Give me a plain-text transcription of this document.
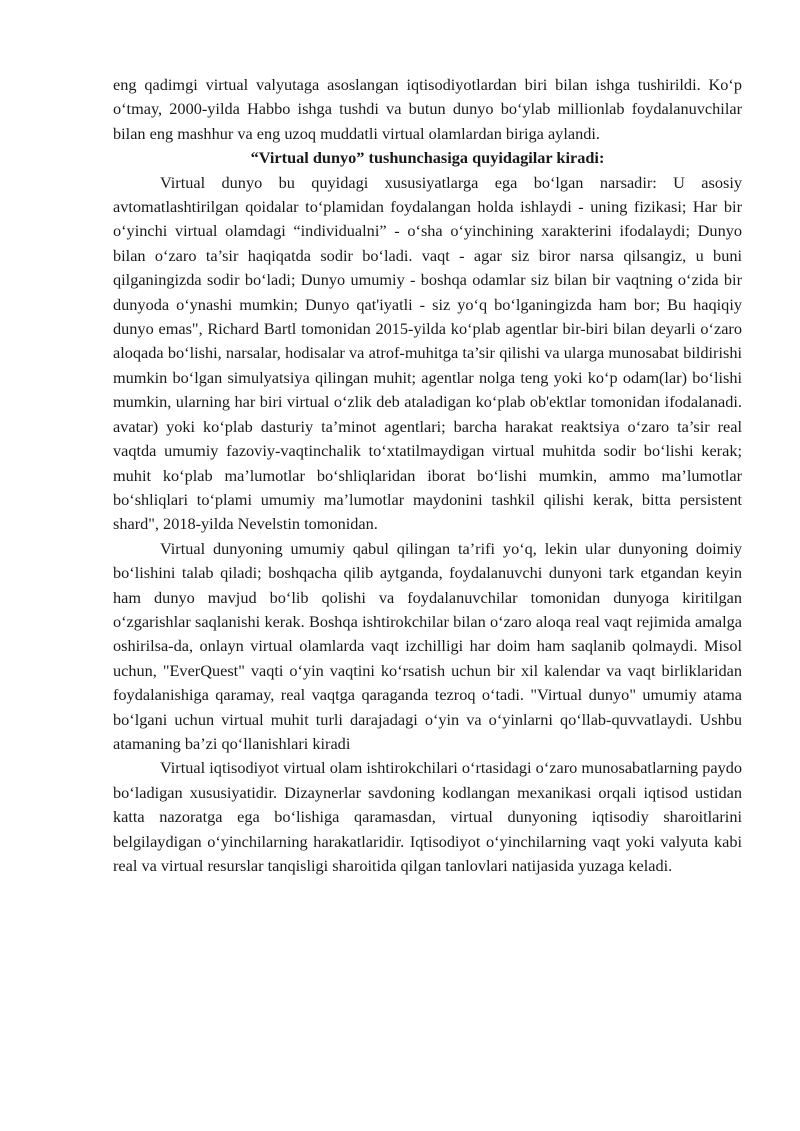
eng qadimgi virtual valyutaga asoslangan iqtisodiyotlardan biri bilan ishga tushirildi. Ko‘p o‘tmay, 2000-yilda Habbo ishga tushdi va butun dunyo bo‘ylab millionlab foydalanuvchilar bilan eng mashhur va eng uzoq muddatli virtual olamlardan biriga aylandi.

“Virtual dunyo” tushunchasiga quyidagilar kiradi:

Virtual dunyo bu quyidagi xususiyatlarga ega bo‘lgan narsadir: U asosiy avtomatlashtirilgan qoidalar to‘plamidan foydalangan holda ishlaydi - uning fizikasi; Har bir o‘yinchi virtual olamdagi “individualni” - o‘sha o‘yinchining xarakterini ifodalaydi; Dunyo bilan o‘zaro ta’sir haqiqatda sodir bo‘ladi. vaqt - agar siz biror narsa qilsangiz, u buni qilganingizda sodir bo‘ladi; Dunyo umumiy - boshqa odamlar siz bilan bir vaqtning o‘zida bir dunyoda o‘ynashi mumkin; Dunyo qat'iyatli - siz yo‘q bo‘lganingizda ham bor; Bu haqiqiy dunyo emas", Richard Bartl tomonidan 2015-yilda ko‘plab agentlar bir-biri bilan deyarli o‘zaro aloqada bo‘lishi, narsalar, hodisalar va atrof-muhitga ta’sir qilishi va ularga munosabat bildirishi mumkin bo‘lgan simulyatsiya qilingan muhit; agentlar nolga teng yoki ko‘p odam(lar) bo‘lishi mumkin, ularning har biri virtual o‘zlik deb ataladigan ko‘plab ob'ektlar tomonidan ifodalanadi. avatar) yoki ko‘plab dasturiy ta’minot agentlari; barcha harakat reaktsiya o‘zaro ta’sir real vaqtda umumiy fazoviy-vaqtinchalik to‘xtatilmaydigan virtual muhitda sodir bo‘lishi kerak; muhit ko‘plab ma’lumotlar bo‘shliqlaridan iborat bo‘lishi mumkin, ammo ma’lumotlar bo‘shliqlari to‘plami umumiy ma’lumotlar maydonini tashkil qilishi kerak, bitta persistent shard", 2018-yilda Nevelstin tomonidan.

Virtual dunyoning umumiy qabul qilingan ta’rifi yo‘q, lekin ular dunyoning doimiy bo‘lishini talab qiladi; boshqacha qilib aytganda, foydalanuvchi dunyoni tark etgandan keyin ham dunyo mavjud bo‘lib qolishi va foydalanuvchilar tomonidan dunyoga kiritilgan o‘zgarishlar saqlanishi kerak. Boshqa ishtirokchilar bilan o‘zaro aloqa real vaqt rejimida amalga oshirilsa-da, onlayn virtual olamlarda vaqt izchilligi har doim ham saqlanib qolmaydi. Misol uchun, "EverQuest" vaqti o‘yin vaqtini ko‘rsatish uchun bir xil kalendar va vaqt birliklaridan foydalanishiga qaramay, real vaqtga qaraganda tezroq o‘tadi. "Virtual dunyo" umumiy atama bo‘lgani uchun virtual muhit turli darajadagi o‘yin va o‘yinlarni qo‘llab-quvvatlaydi. Ushbu atamaning ba’zi qo‘llanishlari kiradi

Virtual iqtisodiyot virtual olam ishtirokchilari o‘rtasidagi o‘zaro munosabatlarning paydo bo‘ladigan xususiyatidir. Dizaynerlar savdoning kodlangan mexanikasi orqali iqtisod ustidan katta nazoratga ega bo‘lishiga qaramasdan, virtual dunyoning iqtisodiy sharoitlarini belgilaydigan o‘yinchilarning harakatlaridir. Iqtisodiyot o‘yinchilarning vaqt yoki valyuta kabi real va virtual resurslar tanqisligi sharoitida qilgan tanlovlari natijasida yuzaga keladi.
